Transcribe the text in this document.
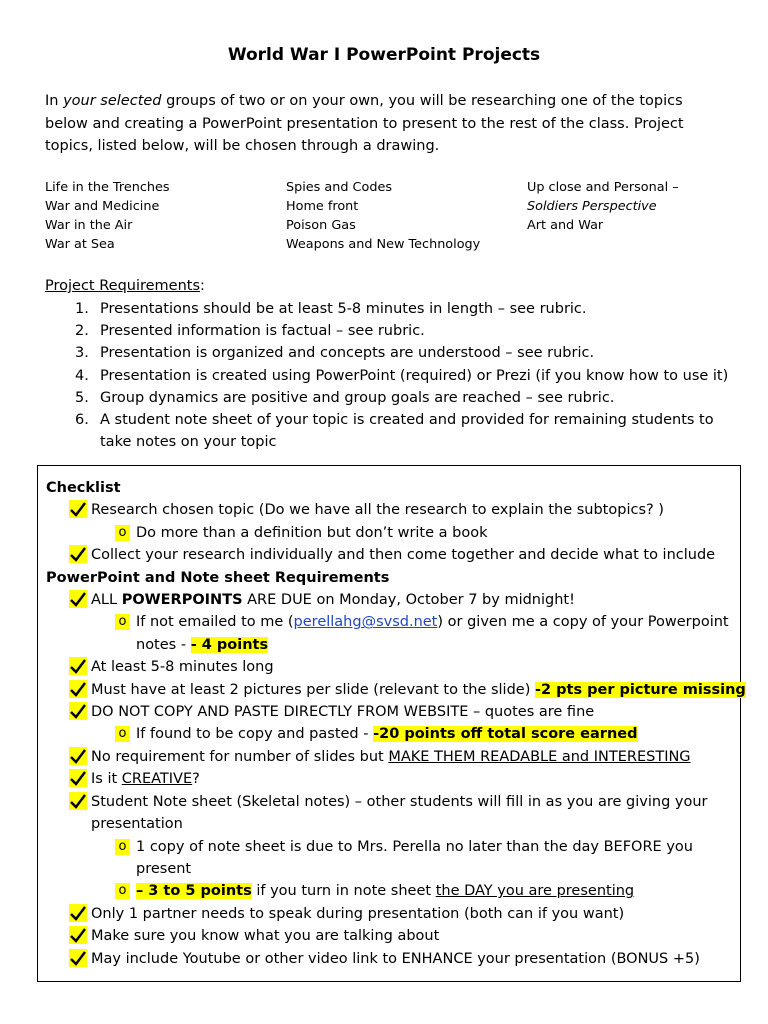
World War I PowerPoint Projects
In your selected groups of two or on your own, you will be researching one of the topics below and creating a PowerPoint presentation to present to the rest of the class. Project topics, listed below, will be chosen through a drawing.
Life in the Trenches
War and Medicine
War in the Air
War at Sea
Spies and Codes
Home front
Poison Gas
Weapons and New Technology
Up close and Personal –
Soldiers Perspective
Art and War
Project Requirements:
1. Presentations should be at least 5-8 minutes in length – see rubric.
2. Presented information is factual – see rubric.
3. Presentation is organized and concepts are understood – see rubric.
4. Presentation is created using PowerPoint (required) or Prezi (if you know how to use it)
5. Group dynamics are positive and group goals are reached – see rubric.
6. A student note sheet of your topic is created and provided for remaining students to take notes on your topic
Checklist
Research chosen topic (Do we have all the research to explain the subtopics? )
o Do more than a definition but don’t write a book
Collect your research individually and then come together and decide what to include
PowerPoint and Note sheet Requirements
ALL POWERPOINTS ARE DUE on Monday, October 7 by midnight!
o If not emailed to me (perellahg@svsd.net) or given me a copy of your Powerpoint
notes - - 4 points
At least 5-8 minutes long
Must have at least 2 pictures per slide (relevant to the slide) -2 pts per picture missing
DO NOT COPY AND PASTE DIRECTLY FROM WEBSITE – quotes are fine
o If found to be copy and pasted - -20 points off total score earned
No requirement for number of slides but MAKE THEM READABLE and INTERESTING
Is it CREATIVE?
Student Note sheet (Skeletal notes) – other students will fill in as you are giving your presentation
o 1 copy of note sheet is due to Mrs. Perella no later than the day BEFORE you present
o – 3 to 5 points if you turn in note sheet the DAY you are presenting
Only 1 partner needs to speak during presentation (both can if you want)
Make sure you know what you are talking about
May include Youtube or other video link to ENHANCE your presentation (BONUS +5)
